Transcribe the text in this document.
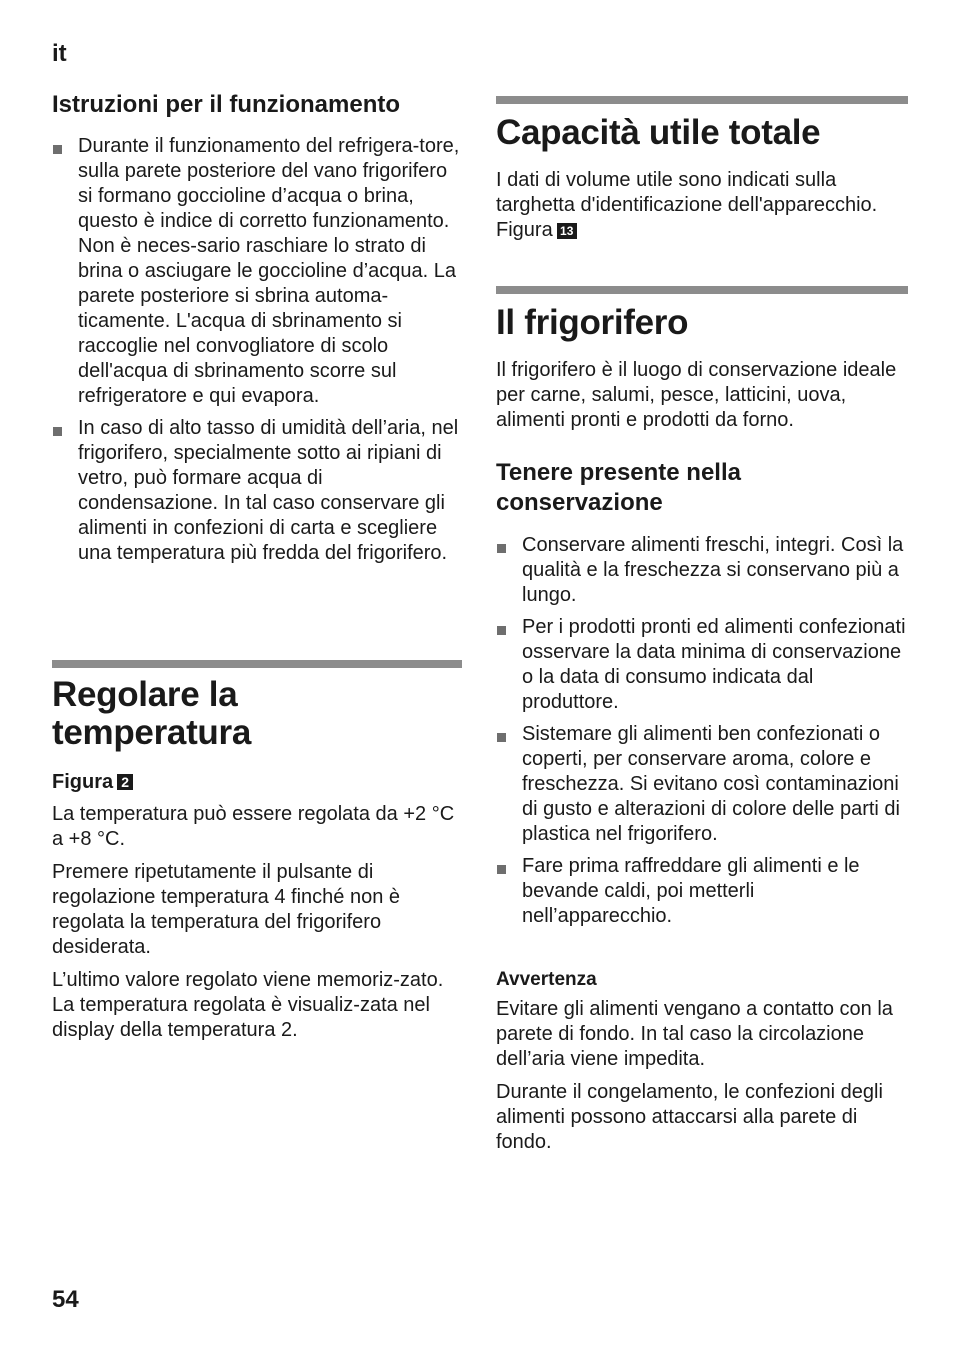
it
Istruzioni per il funzionamento
Durante il funzionamento del refrigera-tore, sulla parete posteriore del vano frigorifero si formano goccioline d’acqua o brina, questo è indice di corretto funzionamento. Non è neces-sario raschiare lo strato di brina o asciugare le goccioline d’acqua. La parete posteriore si sbrina automa-ticamente. L'acqua di sbrinamento si raccoglie nel convogliatore di scolo dell'acqua di sbrinamento scorre sul refrigeratore e qui evapora.
In caso di alto tasso di umidità dell’aria, nel frigorifero, specialmente sotto ai ripiani di vetro, può formare acqua di condensazione. In tal caso conservare gli alimenti in confezioni di carta e scegliere una temperatura più fredda del frigorifero.
Regolare la
temperatura
Figura 2

La temperatura può essere regolata da +2 °C a +8 °C.

Premere ripetutamente il pulsante di regolazione temperatura 4 finché non è regolata la temperatura del frigorifero desiderata.

L’ultimo valore regolato viene memoriz-zato. La temperatura regolata è visualiz-zata nel display della temperatura 2.

Capacità utile totale

I dati di volume utile sono indicati sulla targhetta d'identificazione dell'apparecchio. Figura 13

Il frigorifero

Il frigorifero è il luogo di conservazione ideale per carne, salumi, pesce, latticini, uova, alimenti pronti e prodotti da forno.

Tenere presente nella
conservazione
Conservare alimenti freschi, integri. Così la qualità e la freschezza si conservano più a lungo.
Per i prodotti pronti ed alimenti confezionati osservare la data minima di conservazione o la data di consumo indicata dal produttore.
Sistemare gli alimenti ben confezionati o coperti, per conservare aroma, colore e freschezza. Si evitano così contaminazioni di gusto e alterazioni di colore delle parti di plastica nel frigorifero.
Fare prima raffreddare gli alimenti e le bevande caldi, poi metterli nell’apparecchio.
Avvertenza

Evitare gli alimenti vengano a contatto con la parete di fondo. In tal caso la circolazione dell’aria viene impedita.

Durante il congelamento, le confezioni degli alimenti possono attaccarsi alla parete di fondo.

54
